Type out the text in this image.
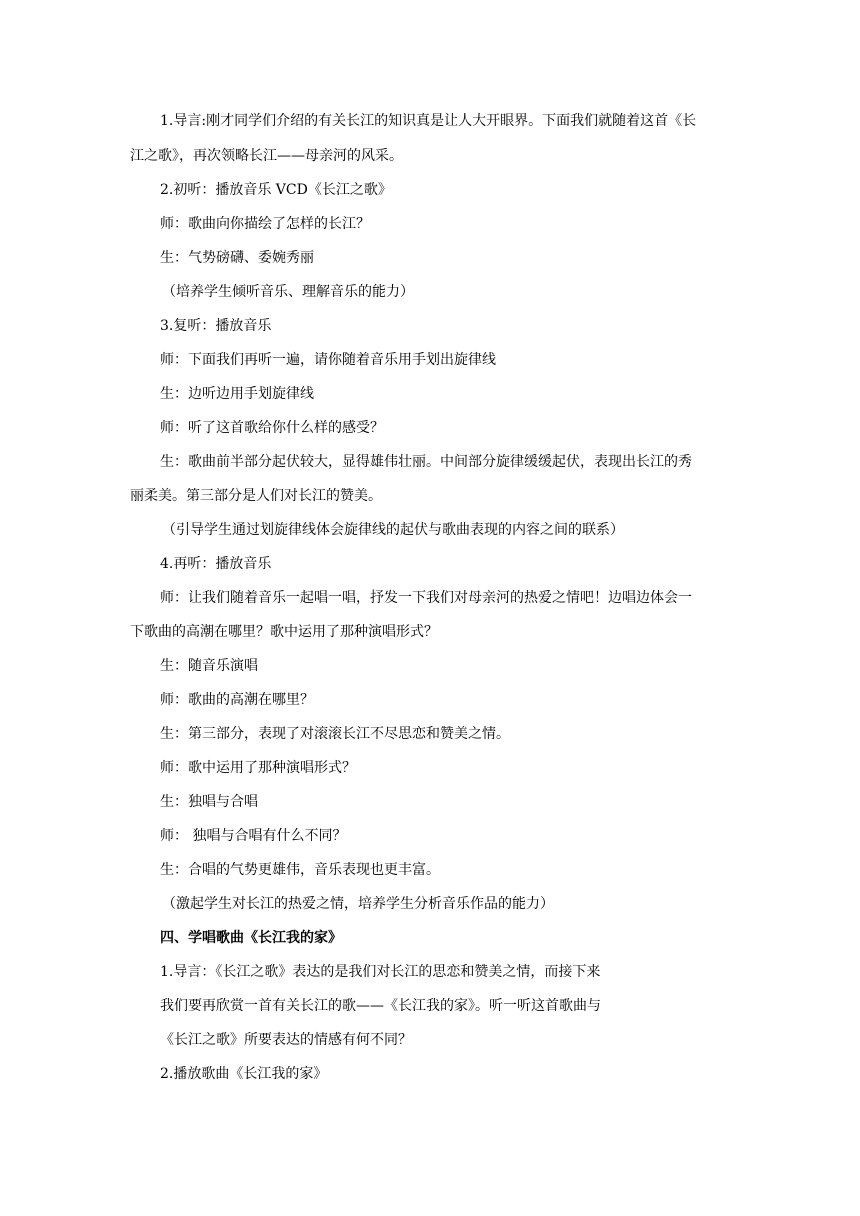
1.导言:刚才同学们介绍的有关长江的知识真是让人大开眼界。下面我们就随着这首《长
江之歌》，再次领略长江——母亲河的风采。
2.初听：播放音乐 VCD《长江之歌》
师：歌曲向你描绘了怎样的长江？
生：气势磅礴、委婉秀丽
（培养学生倾听音乐、理解音乐的能力）
3.复听：播放音乐
师：下面我们再听一遍，请你随着音乐用手划出旋律线
生：边听边用手划旋律线
师：听了这首歌给你什么样的感受？
生：歌曲前半部分起伏较大，显得雄伟壮丽。中间部分旋律缓缓起伏，表现出长江的秀
丽柔美。第三部分是人们对长江的赞美。
（引导学生通过划旋律线体会旋律线的起伏与歌曲表现的内容之间的联系）
4.再听：播放音乐
师：让我们随着音乐一起唱一唱，抒发一下我们对母亲河的热爱之情吧！边唱边体会一
下歌曲的高潮在哪里？歌中运用了那种演唱形式？
生：随音乐演唱
师：歌曲的高潮在哪里？
生：第三部分，表现了对滚滚长江不尽思恋和赞美之情。
师：歌中运用了那种演唱形式？
生：独唱与合唱
师： 独唱与合唱有什么不同？
生：合唱的气势更雄伟，音乐表现也更丰富。
（激起学生对长江的热爱之情，培养学生分析音乐作品的能力）
四、学唱歌曲《长江我的家》
1.导言：《长江之歌》表达的是我们对长江的思恋和赞美之情，而接下来
我们要再欣赏一首有关长江的歌——《长江我的家》。听一听这首歌曲与
《长江之歌》所要表达的情感有何不同？
2.播放歌曲《长江我的家》
